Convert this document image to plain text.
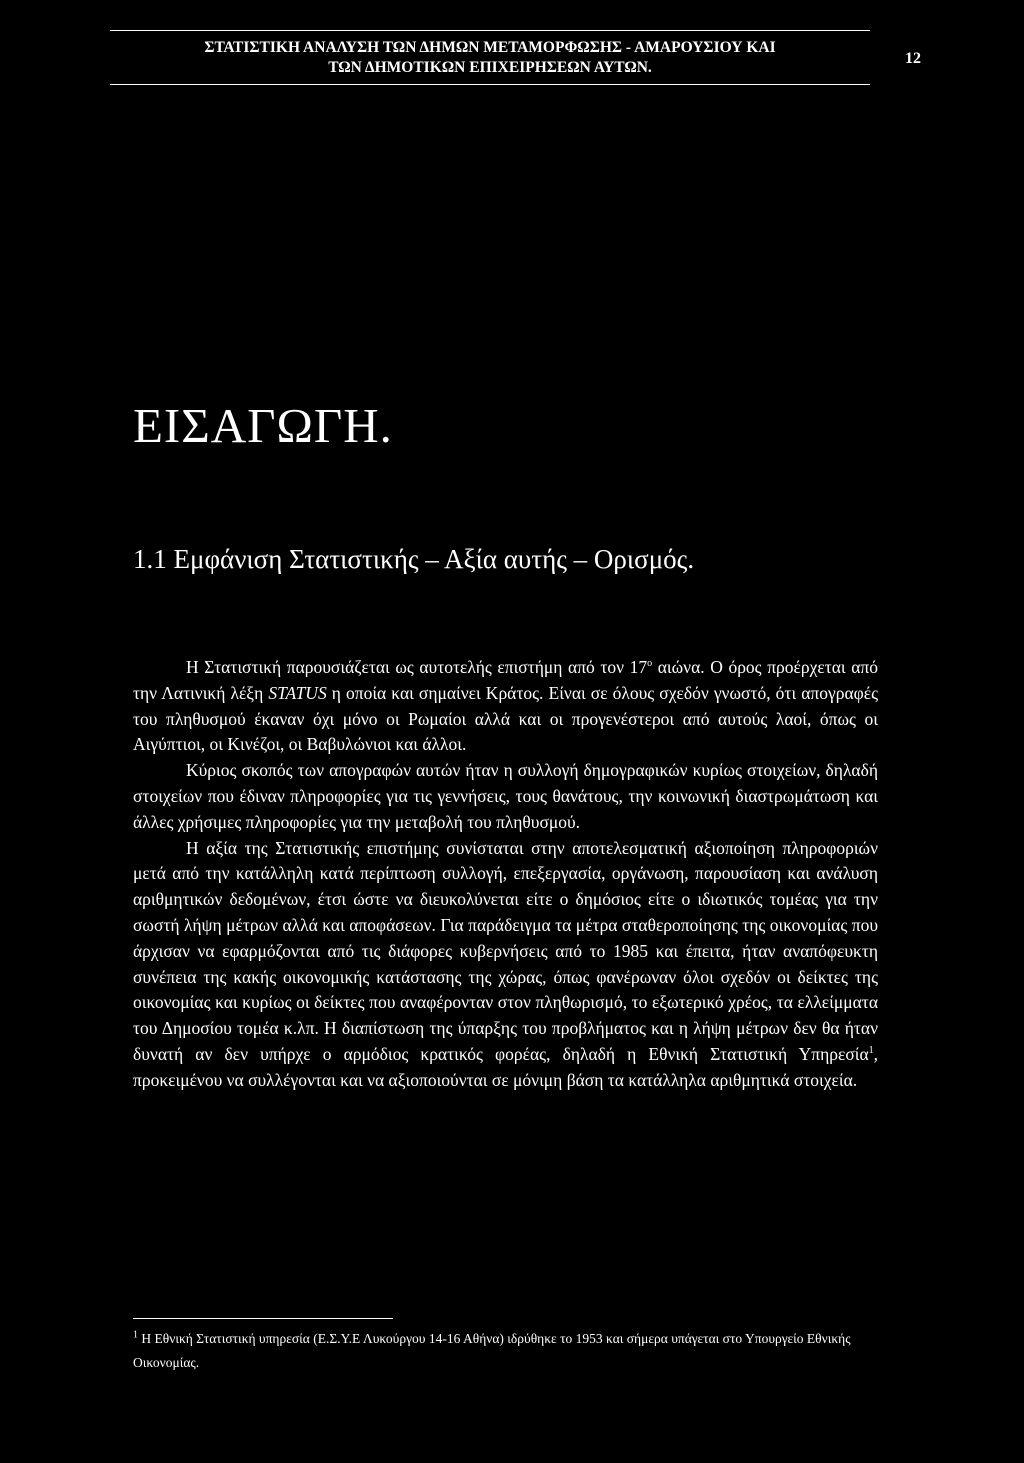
ΣΤΑΤΙΣΤΙΚΗ ΑΝΑΛΥΣΗ ΤΩΝ ΔΗΜΩΝ ΜΕΤΑΜΟΡΦΩΣΗΣ - ΑΜΑΡΟΥΣΙΟΥ ΚΑΙ
ΤΩΝ ΔΗΜΟΤΙΚΩΝ ΕΠΙΧΕΙΡΗΣΕΩΝ ΑΥΤΩΝ.
12
ΕΙΣΑΓΩΓΗ.
1.1 Εμφάνιση Στατιστικής – Αξία αυτής – Ορισμός.

Η Στατιστική παρουσιάζεται ως αυτοτελής επιστήμη από τον $17^o$ αιώνα. Ο όρος προέρχεται από την Λατινική λέξη STATUS η οποία και σημαίνει Κράτος. Είναι σε όλους σχεδόν γνωστό, ότι απογραφές του πληθυσμού έκαναν όχι μόνο οι Ρωμαίοι αλλά και οι προγενέστεροι από αυτούς λαοί, όπως οι Αιγύπτιοι, οι Κινέζοι, οι Βαβυλώνιοι και άλλοι.

Κύριος σκοπός των απογραφών αυτών ήταν η συλλογή δημογραφικών κυρίως στοιχείων, δηλαδή στοιχείων που έδιναν πληροφορίες για τις γεννήσεις, τους θανάτους, την κοινωνική διαστρωμάτωση και άλλες χρήσιμες πληροφορίες για την μεταβολή του πληθυσμού.

Η αξία της Στατιστικής επιστήμης συνίσταται στην αποτελεσματική αξιοποίηση πληροφοριών μετά από την κατάλληλη κατά περίπτωση συλλογή, επεξεργασία, οργάνωση, παρουσίαση και ανάλυση αριθμητικών δεδομένων, έτσι ώστε να διευκολύνεται είτε ο δημόσιος είτε ο ιδιωτικός τομέας για την σωστή λήψη μέτρων αλλά και αποφάσεων. Για παράδειγμα τα μέτρα σταθεροποίησης της οικονομίας που άρχισαν να εφαρμόζονται από τις διάφορες κυβερνήσεις από το 1985 και έπειτα, ήταν αναπόφευκτη συνέπεια της κακής οικονομικής κατάστασης της χώρας, όπως φανέρωναν όλοι σχεδόν οι δείκτες της οικονομίας και κυρίως οι δείκτες που αναφέρονταν στον πληθωρισμό, το εξωτερικό χρέος, τα ελλείμματα του Δημοσίου τομέα κ.λπ. Η διαπίστωση της ύπαρξης του προβλήματος και η λήψη μέτρων δεν θα ήταν δυνατή αν δεν υπήρχε ο αρμόδιος κρατικός φορέας, δηλαδή η Εθνική Στατιστική Υπηρεσία$^1$, προκειμένου να συλλέγονται και να αξιοποιούνται σε μόνιμη βάση τα κατάλληλα αριθμητικά στοιχεία.

$^1$ Η Εθνική Στατιστική υπηρεσία (Ε.Σ.Υ.Ε Λυκούργου 14-16 Αθήνα) ιδρύθηκε το 1953 και σήμερα υπάγεται στο Υπουργείο Εθνικής Οικονομίας.
